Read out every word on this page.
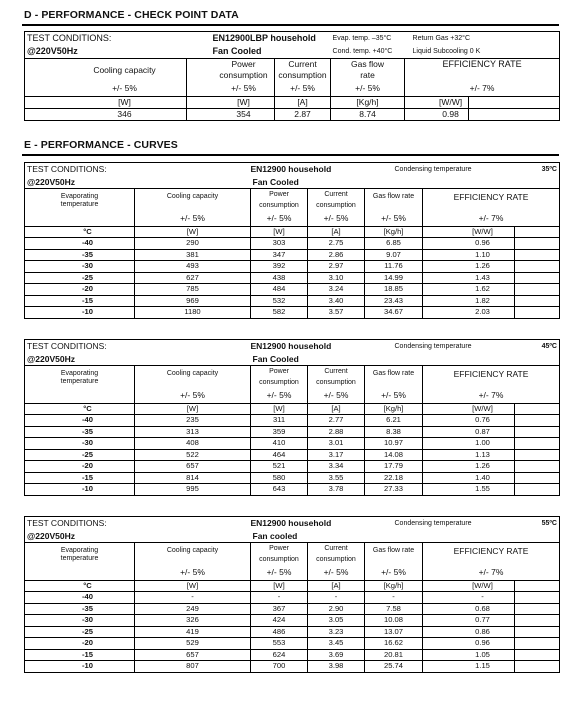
D - PERFORMANCE - CHECK POINT DATA
TEST CONDITIONS:	EN12900LBP household		Evap. temp. –35°C	Return Gas +32°C	
@220V50Hz	Fan Cooled		Cond. temp. +40°C	Liquid Subcooling 0 K	
Cooling capacity	Power	Current	Gas flow	EFFICIENCY RATE	
	consumption	consumption	rate		
+/- 5%	+/- 5%	+/- 5%	+/- 5%	+/- 7%	
[W]	[W]	[A]	[Kg/h]	[W/W]	
346	354	2.87	8.74	0.98	
E - PERFORMANCE - CURVES
TEST CONDITIONS:		EN12900 household		Condensing temperature		35ºC
@220V50Hz		Fan Cooled				

Evaporating
temperature	Cooling capacity	Power	Current	Gas flow rate	EFFICIENCY RATE	
		consumption	consumption			
	+/- 5%	+/- 5%	+/- 5%	+/- 5%	+/- 7%	
°C	[W]	[W]	[A]	[Kg/h]	[W/W]	
-40	290	303	2.75	6.85	0.96	
-35	381	347	2.86	9.07	1.10	
-30	493	392	2.97	11.76	1.26	
-25	627	438	3.10	14.99	1.43	
-20	785	484	3.24	18.85	1.62	
-15	969	532	3.40	23.43	1.82	
-10	1180	582	3.57	34.67	2.03	

TEST CONDITIONS:		EN12900 household		Condensing temperature		45ºC
@220V50Hz		Fan Cooled				

Evaporating
temperature	Cooling capacity	Power	Current	Gas flow rate	EFFICIENCY RATE	
		consumption	consumption			
	+/- 5%	+/- 5%	+/- 5%	+/- 5%	+/- 7%	
°C	[W]	[W]	[A]	[Kg/h]	[W/W]	
-40	235	311	2.77	6.21	0.76	
-35	313	359	2.88	8.38	0.87	
-30	408	410	3.01	10.97	1.00	
-25	522	464	3.17	14.08	1.13	
-20	657	521	3.34	17.79	1.26	
-15	814	580	3.55	22.18	1.40	
-10	995	643	3.78	27.33	1.55	

TEST CONDITIONS:		EN12900 household		Condensing temperature		55ºC
@220V50Hz		Fan cooled				

Evaporating
temperature	Cooling capacity	Power	Current	Gas flow rate	EFFICIENCY RATE	
		consumption	consumption			
	+/- 5%	+/- 5%	+/- 5%	+/- 5%	+/- 7%	
°C	[W]	[W]	[A]	[Kg/h]	[W/W]	
-40	-	-	-	-	-	
-35	249	367	2.90	7.58	0.68	
-30	326	424	3.05	10.08	0.77	
-25	419	486	3.23	13.07	0.86	
-20	529	553	3.45	16.62	0.96	
-15	657	624	3.69	20.81	1.05	
-10	807	700	3.98	25.74	1.15	
